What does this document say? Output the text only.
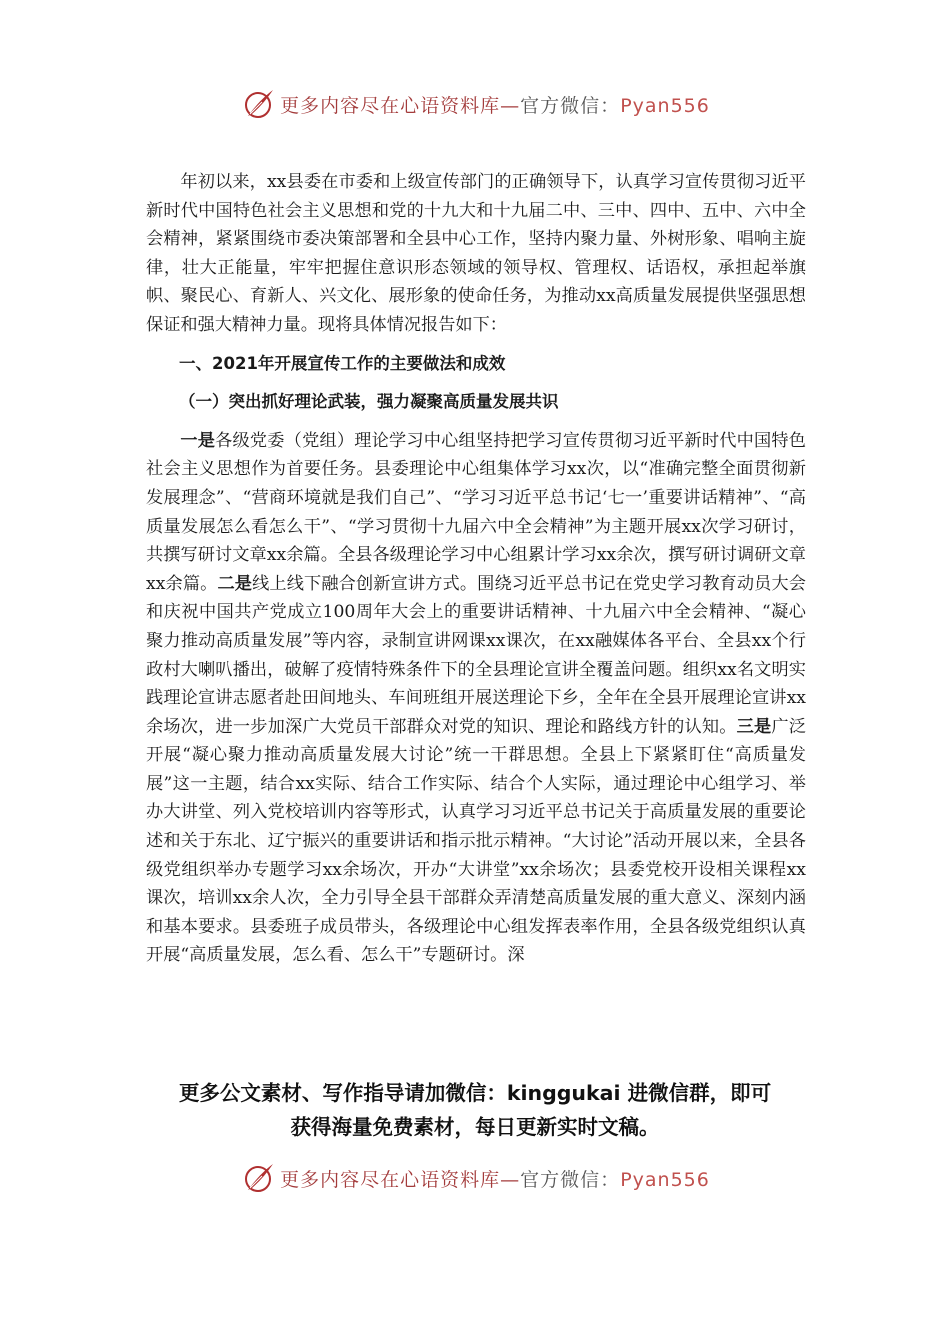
更多内容尽在心语资料库—官方微信：Pyan556

年初以来，xx县委在市委和上级宣传部门的正确领导下，认真学习宣传贯彻习近平新时代中国特色社会主义思想和党的十九大和十九届二中、三中、四中、五中、六中全会精神，紧紧围绕市委决策部署和全县中心工作，坚持内聚力量、外树形象、唱响主旋律，壮大正能量，牢牢把握住意识形态领域的领导权、管理权、话语权，承担起举旗帜、聚民心、育新人、兴文化、展形象的使命任务，为推动xx高质量发展提供坚强思想保证和强大精神力量。现将具体情况报告如下：

一、2021年开展宣传工作的主要做法和成效

（一）突出抓好理论武装，强力凝聚高质量发展共识

一是各级党委（党组）理论学习中心组坚持把学习宣传贯彻习近平新时代中国特色社会主义思想作为首要任务。县委理论中心组集体学习xx次，以“准确完整全面贯彻新发展理念”、“营商环境就是我们自己”、“学习习近平总书记‘七一’重要讲话精神”、“高质量发展怎么看怎么干”、“学习贯彻十九届六中全会精神”为主题开展xx次学习研讨，共撰写研讨文章xx余篇。全县各级理论学习中心组累计学习xx余次，撰写研讨调研文章xx余篇。二是线上线下融合创新宣讲方式。围绕习近平总书记在党史学习教育动员大会和庆祝中国共产党成立100周年大会上的重要讲话精神、十九届六中全会精神、“凝心聚力推动高质量发展”等内容，录制宣讲网课xx课次，在xx融媒体各平台、全县xx个行政村大喇叭播出，破解了疫情特殊条件下的全县理论宣讲全覆盖问题。组织xx名文明实践理论宣讲志愿者赴田间地头、车间班组开展送理论下乡，全年在全县开展理论宣讲xx余场次，进一步加深广大党员干部群众对党的知识、理论和路线方针的认知。三是广泛开展“凝心聚力推动高质量发展大讨论”统一干群思想。全县上下紧紧盯住“高质量发展”这一主题，结合xx实际、结合工作实际、结合个人实际，通过理论中心组学习、举办大讲堂、列入党校培训内容等形式，认真学习习近平总书记关于高质量发展的重要论述和关于东北、辽宁振兴的重要讲话和指示批示精神。“大讨论”活动开展以来，全县各级党组织举办专题学习xx余场次，开办“大讲堂”xx余场次；县委党校开设相关课程xx课次，培训xx余人次，全力引导全县干部群众弄清楚高质量发展的重大意义、深刻内涵和基本要求。县委班子成员带头，各级理论中心组发挥表率作用，全县各级党组织认真开展“高质量发展，怎么看、怎么干”专题研讨。深

更多公文素材、写作指导请加微信：kinggukai 进微信群，即可
获得海量免费素材，每日更新实时文稿。
更多内容尽在心语资料库—官方微信：Pyan556
